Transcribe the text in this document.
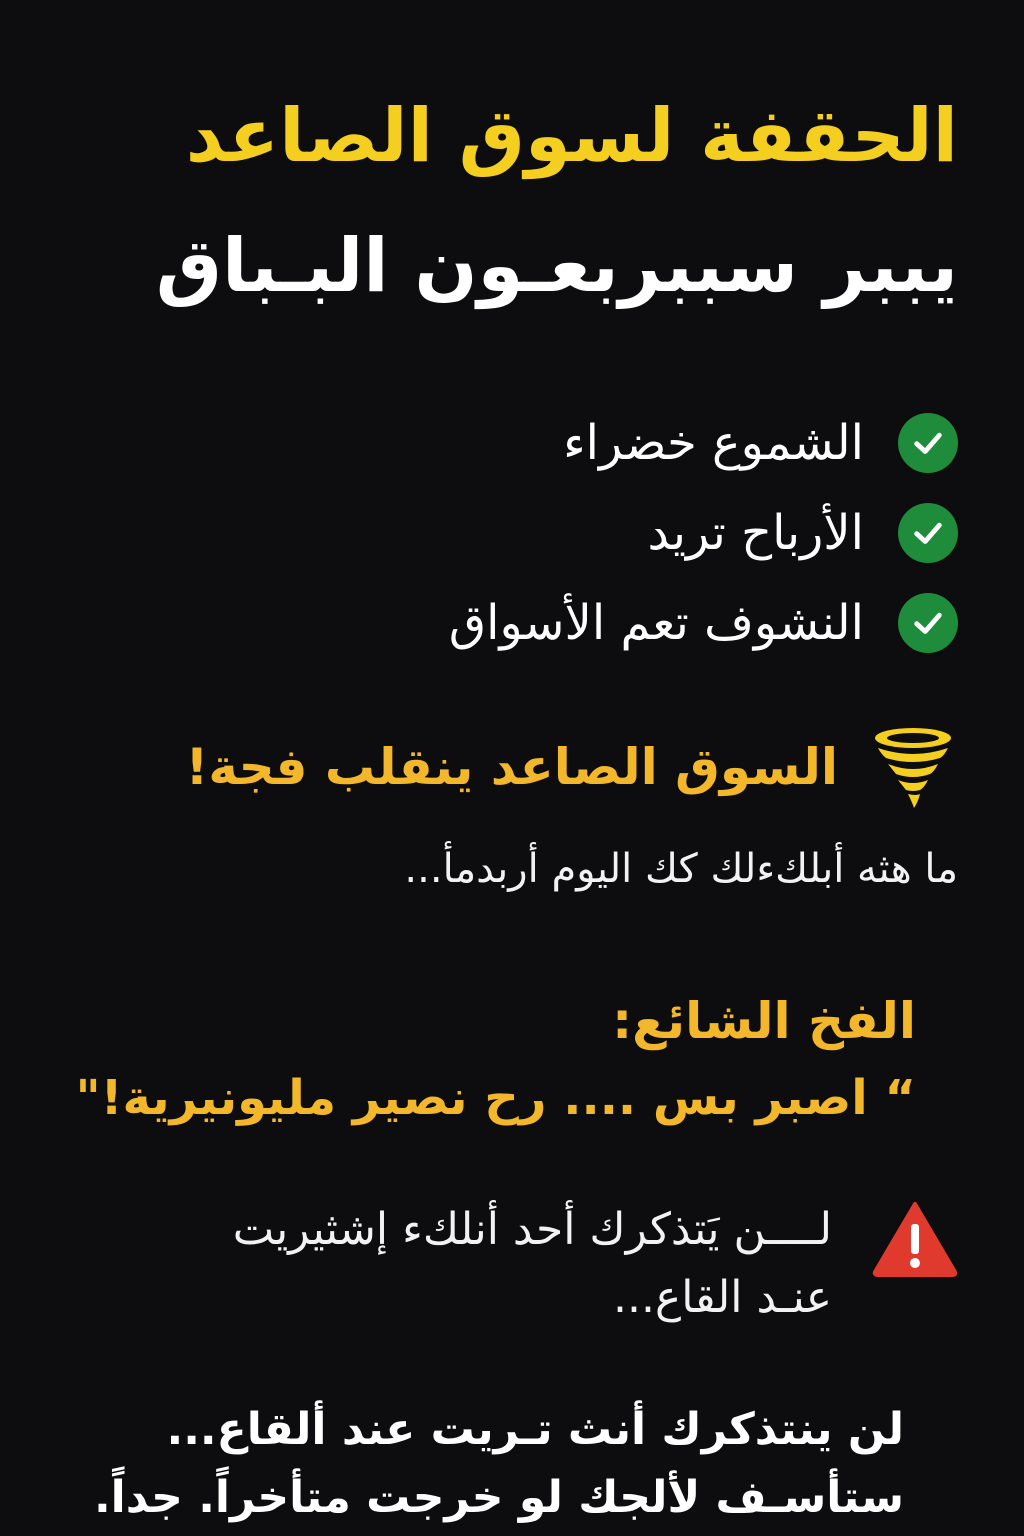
الحقفة لسوق الصاعد
يببر سببربعـون البـباق
الشموع خضراء
الأرباح تريد
النشوف تعم الأسواق
السوق الصاعد ينقلب فجة!
ما هثه أبلكءلك كك اليوم أربدمأ...
الفخ الشائع:
“ اصبر بس .... رح نصير مليونيرية!"
لــــن يَتذكرك أحد أنلكء إشثيريت
عنـد القاع...
لن ينتذكرك أنث تـريت عند ألقاع...
ستأسـف لألجك لو خرجت متأخراً. جداً.
